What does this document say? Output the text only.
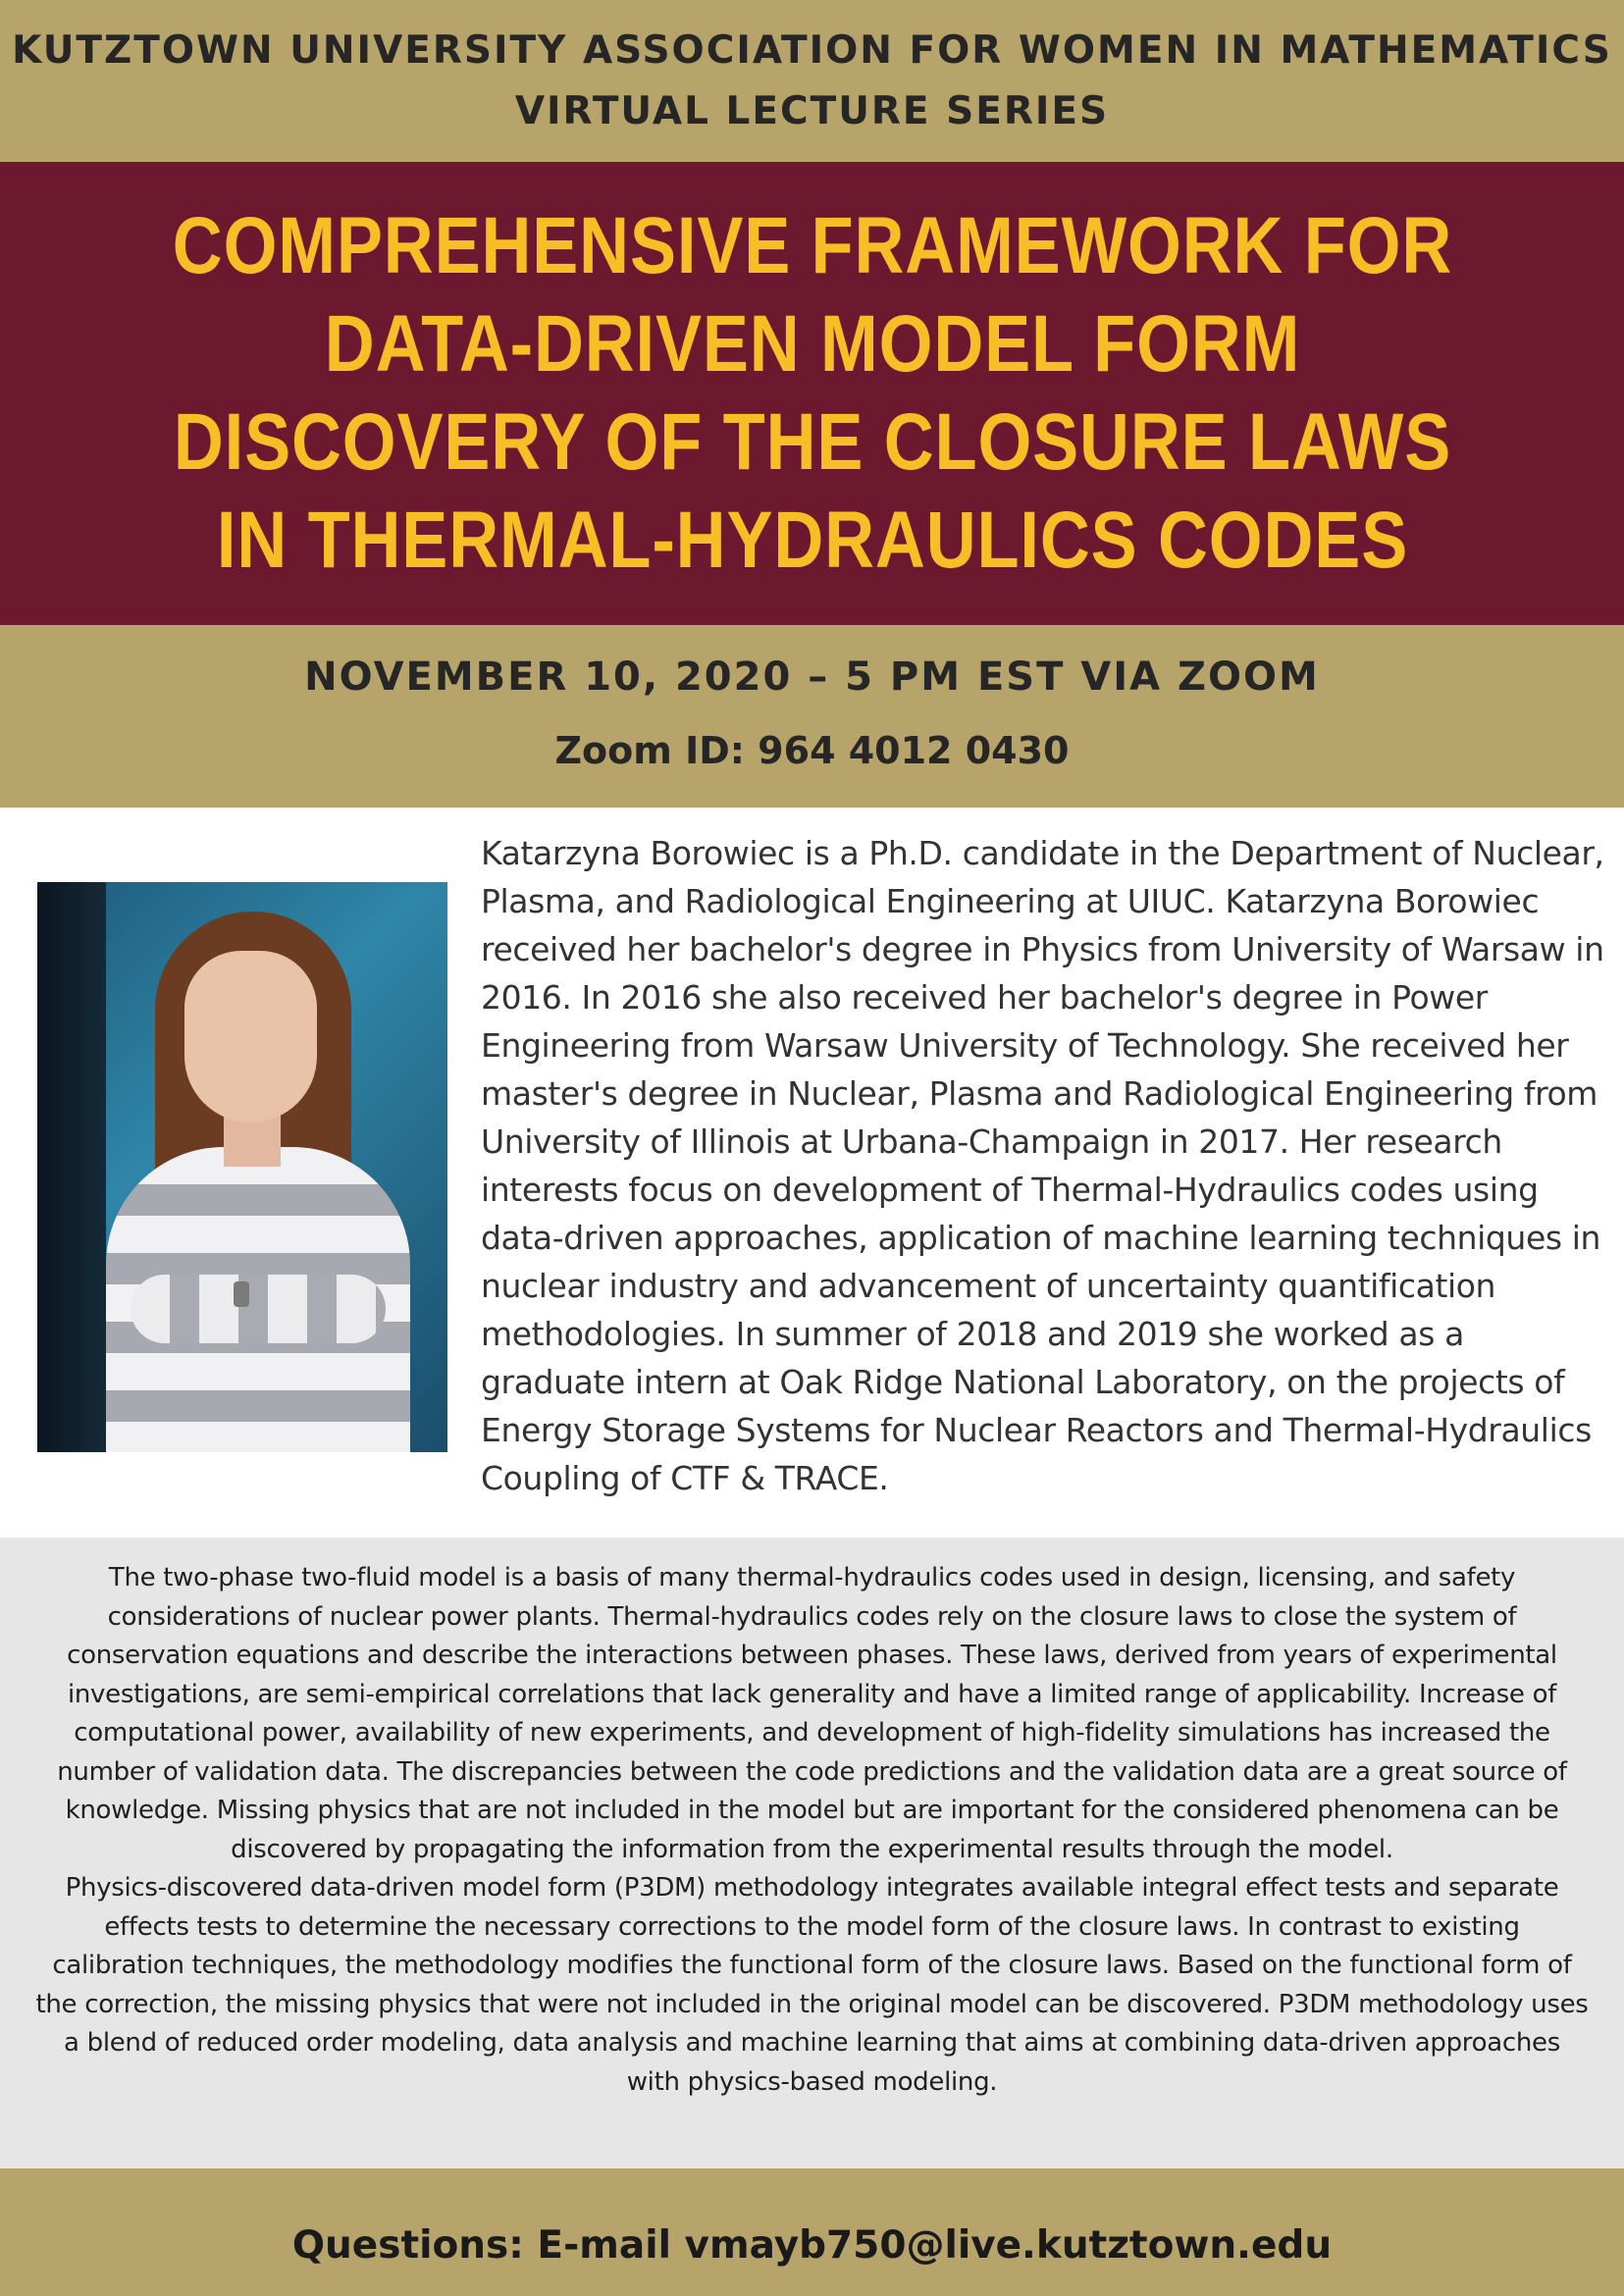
KUTZTOWN UNIVERSITY ASSOCIATION FOR WOMEN IN MATHEMATICS
VIRTUAL LECTURE SERIES
COMPREHENSIVE FRAMEWORK FOR DATA-DRIVEN MODEL FORM DISCOVERY OF THE CLOSURE LAWS IN THERMAL-HYDRAULICS CODES
NOVEMBER 10, 2020 – 5 PM EST VIA ZOOM
Zoom ID: 964 4012 0430
Katarzyna Borowiec is a Ph.D. candidate in the Department of Nuclear, Plasma, and Radiological Engineering at UIUC. Katarzyna Borowiec received her bachelor's degree in Physics from University of Warsaw in 2016. In 2016 she also received her bachelor's degree in Power Engineering from Warsaw University of Technology. She received her master's degree in Nuclear, Plasma and Radiological Engineering from University of Illinois at Urbana-Champaign in 2017. Her research interests focus on development of Thermal-Hydraulics codes using data-driven approaches, application of machine learning techniques in nuclear industry and advancement of uncertainty quantification methodologies. In summer of 2018 and 2019 she worked as a graduate intern at Oak Ridge National Laboratory, on the projects of Energy Storage Systems for Nuclear Reactors and Thermal-Hydraulics Coupling of CTF & TRACE.

The two-phase two-fluid model is a basis of many thermal-hydraulics codes used in design, licensing, and safety considerations of nuclear power plants. Thermal-hydraulics codes rely on the closure laws to close the system of conservation equations and describe the interactions between phases. These laws, derived from years of experimental investigations, are semi-empirical correlations that lack generality and have a limited range of applicability. Increase of computational power, availability of new experiments, and development of high-fidelity simulations has increased the number of validation data. The discrepancies between the code predictions and the validation data are a great source of knowledge. Missing physics that are not included in the model but are important for the considered phenomena can be discovered by propagating the information from the experimental results through the model.

Physics-discovered data-driven model form (P3DM) methodology integrates available integral effect tests and separate effects tests to determine the necessary corrections to the model form of the closure laws. In contrast to existing calibration techniques, the methodology modifies the functional form of the closure laws. Based on the functional form of the correction, the missing physics that were not included in the original model can be discovered. P3DM methodology uses a blend of reduced order modeling, data analysis and machine learning that aims at combining data-driven approaches with physics-based modeling.

Questions: E-mail vmayb750@live.kutztown.edu
